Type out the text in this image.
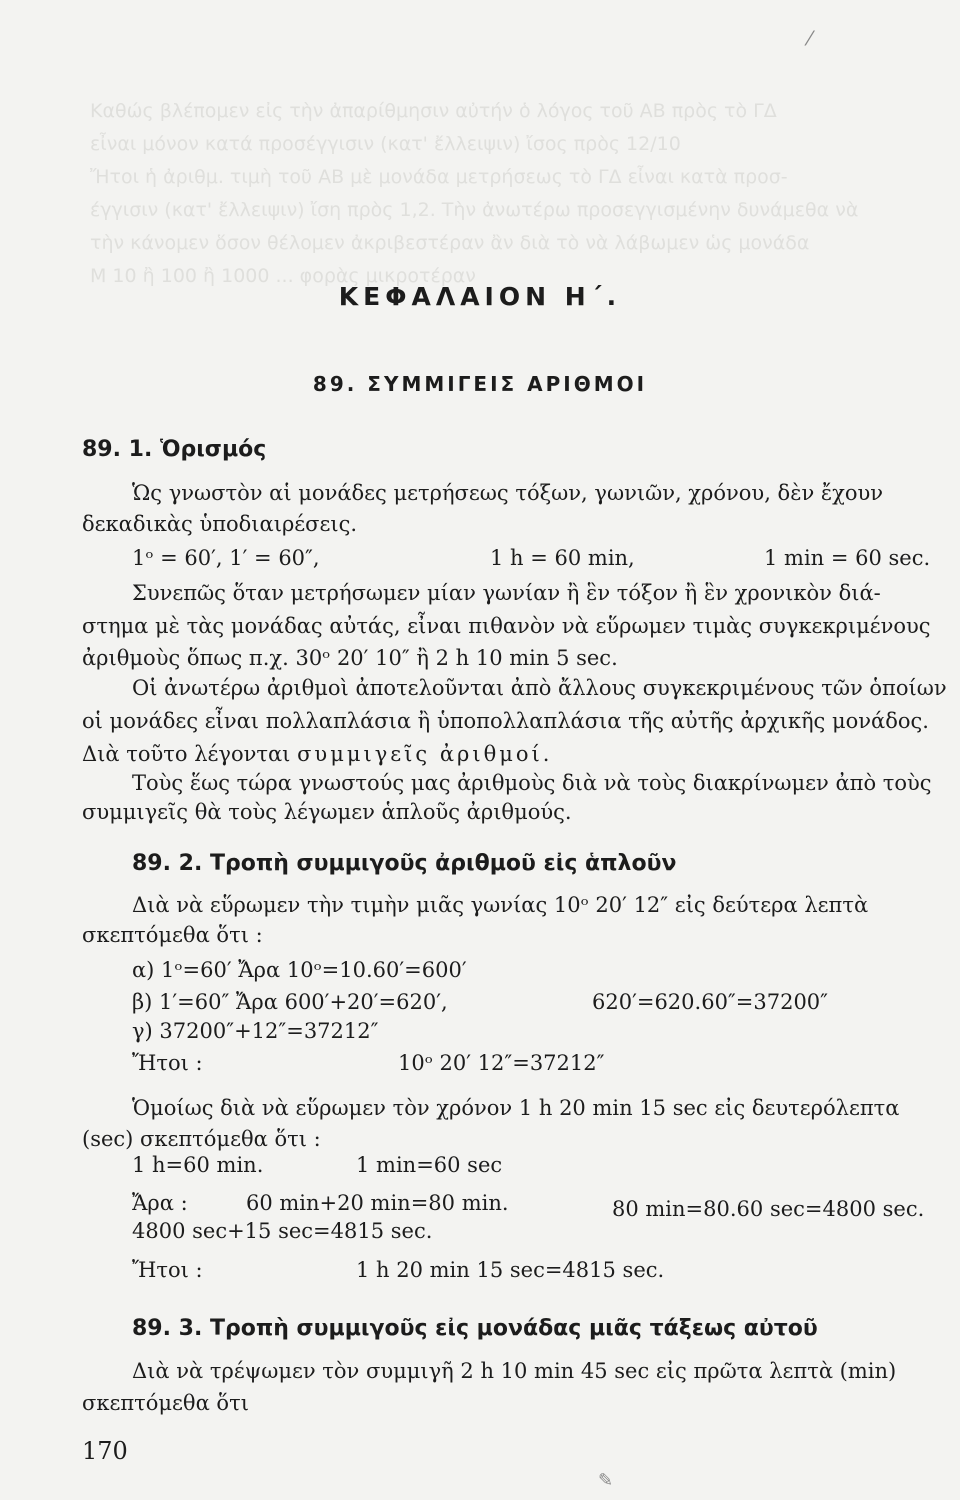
Καθώς βλέπομεν εἰς τὴν ἀπαρίθμησιν αὐτήν ὁ λόγος τοῦ ΑΒ πρὸς τὸ ΓΔ
εἶναι μόνον κατά προσέγγισιν (κατ' ἔλλειψιν) ἴσος πρὸς 12/10
Ἤτοι ἡ ἀριθμ. τιμὴ τοῦ ΑΒ μὲ μονάδα μετρήσεως τὸ ΓΔ εἶναι κατὰ προσ-
έγγισιν (κατ' ἔλλειψιν) ἴση πρὸς 1,2. Τὴν ἀνωτέρω προσεγγισμένην δυνάμεθα νὰ
τὴν κάνομεν ὅσον θέλομεν ἀκριβεστέραν ἂν διὰ τὸ νὰ λάβωμεν ὡς μονάδα
Μ 10 ἢ 100 ἢ 1000 ... φορὰς μικροτέραν
⁄
ΚΕΦΑΛΑΙΟΝ Η΄.
89. ΣΥΜΜΙΓΕΙΣ ΑΡΙΘΜΟΙ
89. 1. Ὁρισμός
Ὡς γνωστὸν αἱ μονάδες μετρήσεως τόξων, γωνιῶν, χρόνου, δὲν ἔχουν
δεκαδικὰς ὑποδιαιρέσεις.
1ᵒ = 60′, 1′ = 60″,	1 h = 60 min,	1 min = 60 sec.
Συνεπῶς ὅταν μετρήσωμεν μίαν γωνίαν ἢ ἓν τόξον ἢ ἓν χρονικὸν διά-
στημα μὲ τὰς μονάδας αὐτάς, εἶναι πιθανὸν νὰ εὕρωμεν τιμὰς συγκεκριμένους
ἀριθμοὺς ὅπως π.χ. 30ᵒ 20′ 10″ ἢ 2 h 10 min 5 sec.
Οἱ ἀνωτέρω ἀριθμοὶ ἀποτελοῦνται ἀπὸ ἄλλους συγκεκριμένους τῶν ὁποίων
οἱ μονάδες εἶναι πολλαπλάσια ἢ ὑποπολλαπλάσια τῆς αὐτῆς ἀρχικῆς μονάδος.
Διὰ τοῦτο λέγονται συμμιγεῖς ἀριθμοί.
Τοὺς ἕως τώρα γνωστούς μας ἀριθμοὺς διὰ νὰ τοὺς διακρίνωμεν ἀπὸ τοὺς
συμμιγεῖς θὰ τοὺς λέγωμεν ἁπλοῦς ἀριθμούς.
89. 2. Τροπὴ συμμιγοῦς ἀριθμοῦ εἰς ἁπλοῦν
Διὰ νὰ εὕρωμεν τὴν τιμὴν μιᾶς γωνίας 10ᵒ 20′ 12″ εἰς δεύτερα λεπτὰ
σκεπτόμεθα ὅτι :
α) 1ᵒ=60′ Ἄρα 10ᵒ=10.60′=600′
β) 1′=60″ Ἄρα 600′+20′=620′,	620′=620.60″=37200″
γ) 37200″+12″=37212″
Ἤτοι :	10ᵒ 20′ 12″=37212″
Ὁμοίως διὰ νὰ εὕρωμεν τὸν χρόνον 1 h 20 min 15 sec εἰς δευτερόλεπτα
(sec) σκεπτόμεθα ὅτι :
1 h=60 min.	1 min=60 sec
Ἄρα :	60 min+20 min=80 min.	80 min=80.60 sec=4800 sec.
4800 sec+15 sec=4815 sec.
Ἤτοι :	1 h 20 min 15 sec=4815 sec.
89. 3. Τροπὴ συμμιγοῦς εἰς μονάδας μιᾶς τάξεως αὐτοῦ
Διὰ νὰ τρέψωμεν τὸν συμμιγῆ 2 h 10 min 45 sec εἰς πρῶτα λεπτὰ (min)
σκεπτόμεθα ὅτι
170
✎
